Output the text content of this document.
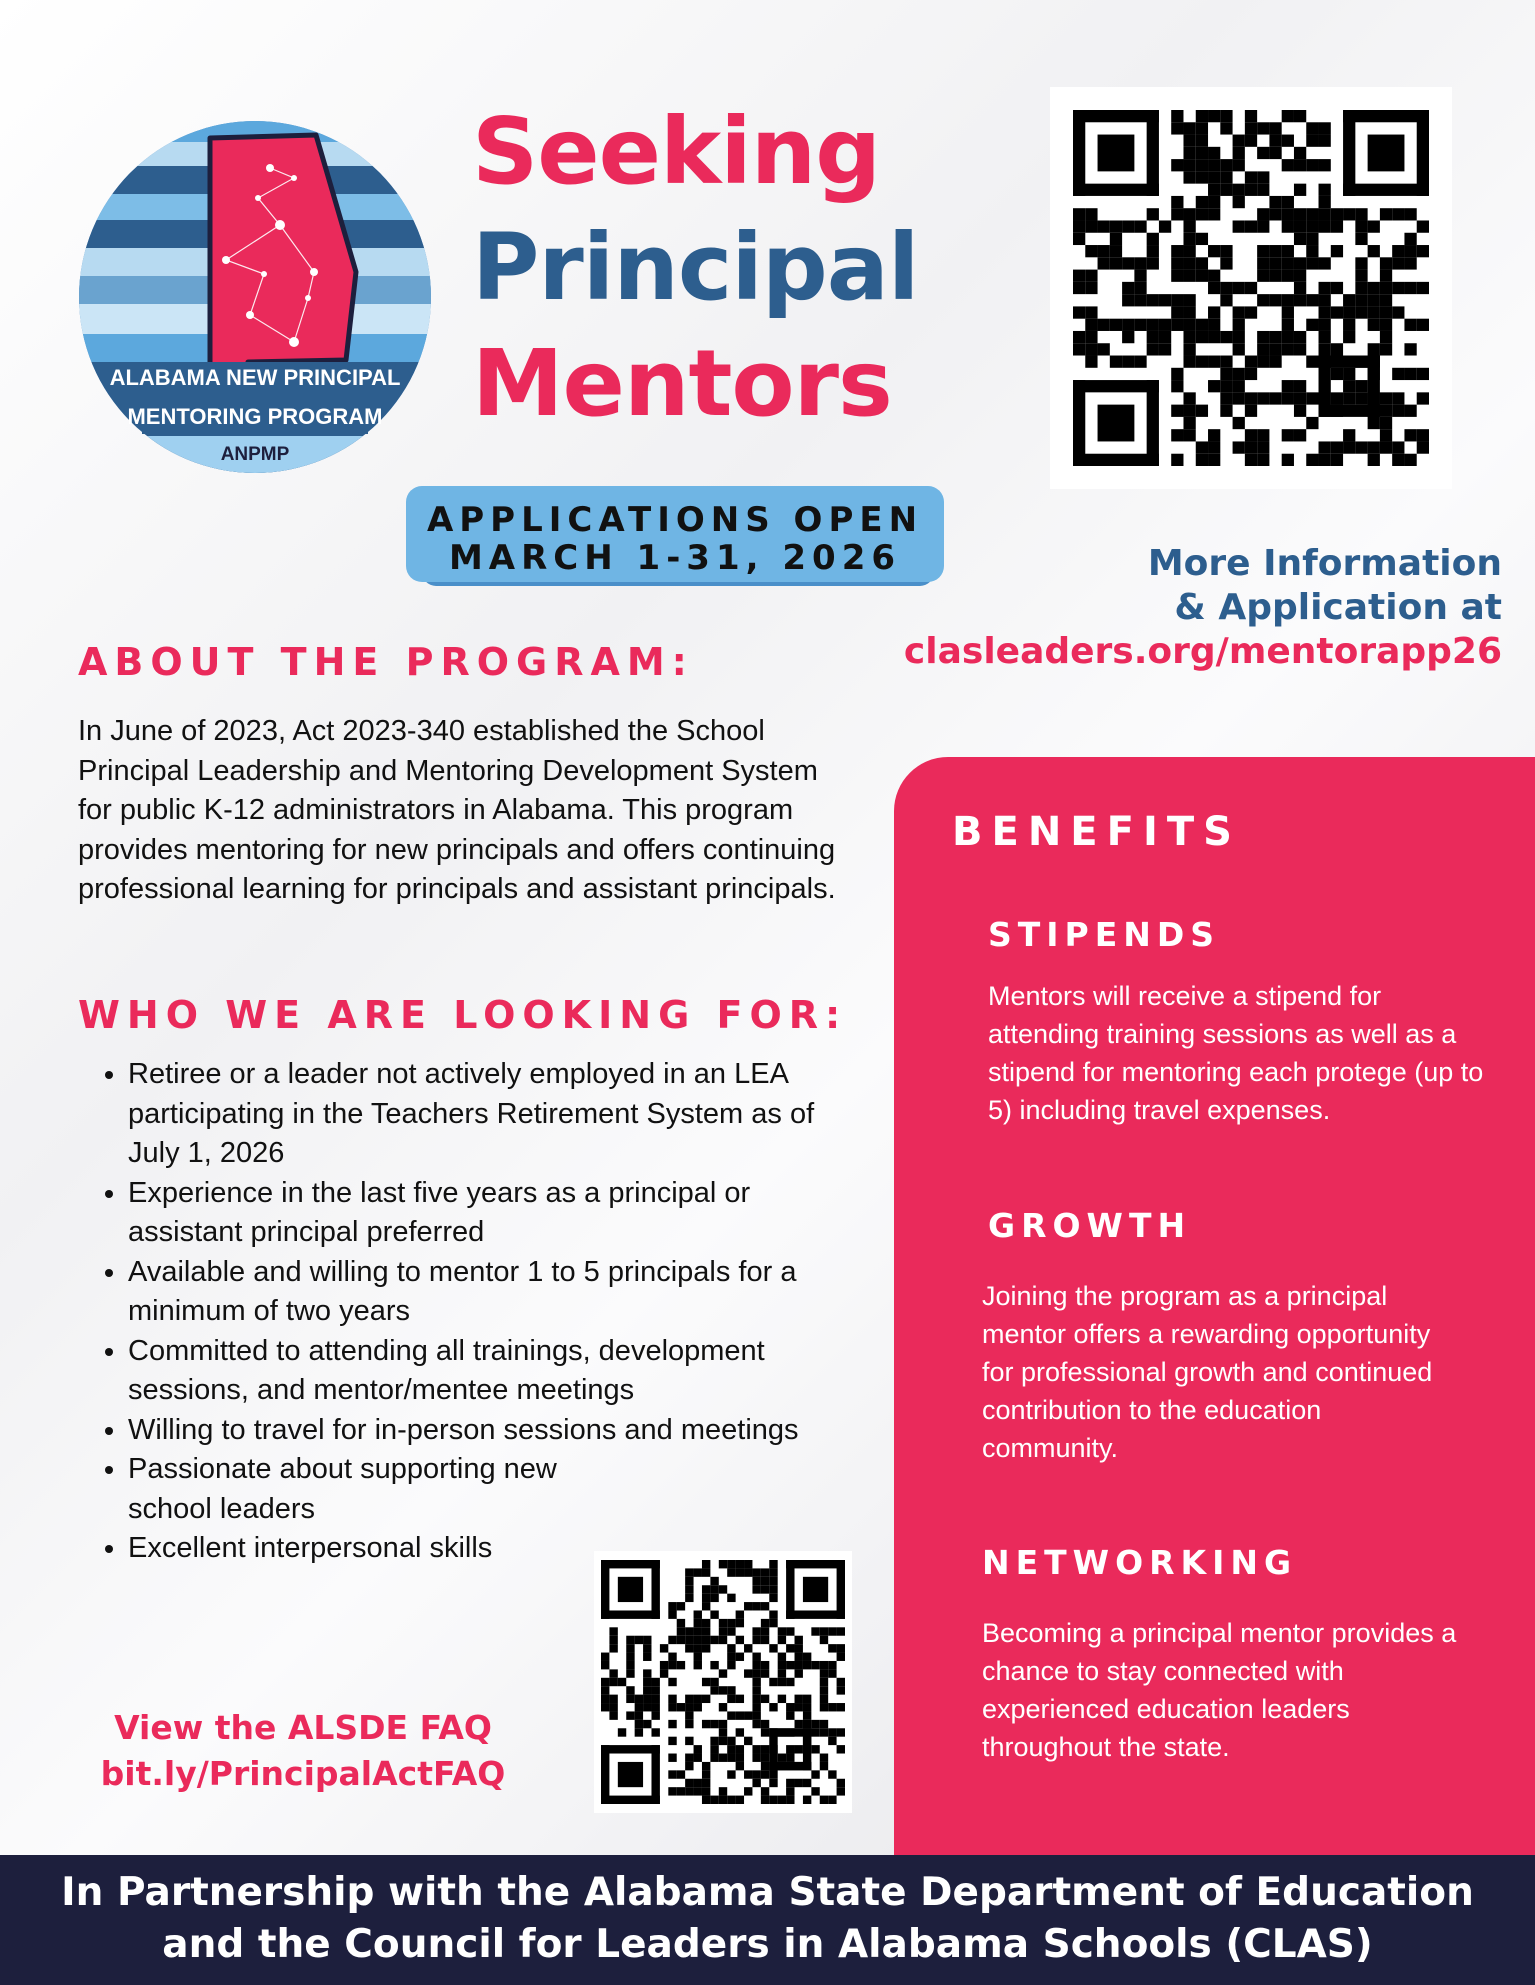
ALABAMA NEW PRINCIPAL
MENTORING PROGRAM
ANPMP
Seeking
Principal
Mentors
APPLICATIONS OPEN
MARCH 1-31, 2026	More Information
& Application at
clasleaders.org/mentorapp26
ABOUT THE PROGRAM:
In June of 2023, Act 2023-340 established the School Principal Leadership and Mentoring Development System for public K-12 administrators in Alabama. This program provides mentoring for new principals and offers continuing professional learning for principals and assistant principals.
WHO WE ARE LOOKING FOR:
• Retiree or a leader not actively employed in an LEA participating in the Teachers Retirement System as of July 1, 2026
• Experience in the last five years as a principal or assistant principal preferred
• Available and willing to mentor 1 to 5 principals for a minimum of two years
• Committed to attending all trainings, development sessions, and mentor/mentee meetings
• Willing to travel for in-person sessions and meetings
• Passionate about supporting new school leaders
• Excellent interpersonal skills
View the ALSDE FAQ
bit.ly/PrincipalActFAQ
BENEFITS
STIPENDS
Mentors will receive a stipend for attending training sessions as well as a stipend for mentoring each protege (up to 5) including travel expenses.
GROWTH
Joining the program as a principal mentor offers a rewarding opportunity for professional growth and continued contribution to the education community.
NETWORKING
Becoming a principal mentor provides a chance to stay connected with experienced education leaders throughout the state.
In Partnership with the Alabama State Department of Education
and the Council for Leaders in Alabama Schools (CLAS)
